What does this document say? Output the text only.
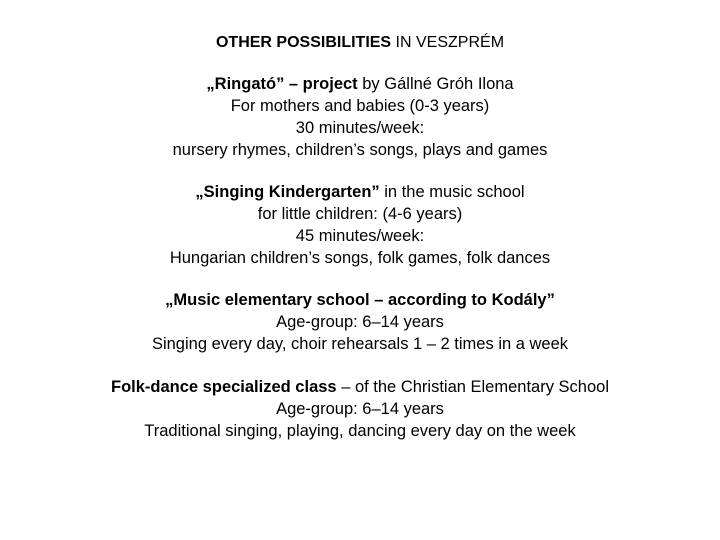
OTHER POSSIBILITIES IN VESZPRÉM
„Ringató” – project by Gállné Gróh Ilona
For mothers and babies (0-3 years)
30 minutes/week:
nursery rhymes, children’s songs, plays and games
„Singing Kindergarten” in the music school
for little children: (4-6 years)
45 minutes/week:
Hungarian children’s songs, folk games, folk dances
„Music elementary school – according to Kodály”
Age-group: 6–14 years
Singing every day, choir rehearsals 1 – 2 times in a week
Folk-dance specialized class – of the Christian Elementary School
Age-group: 6–14 years
Traditional singing, playing, dancing every day on the week
